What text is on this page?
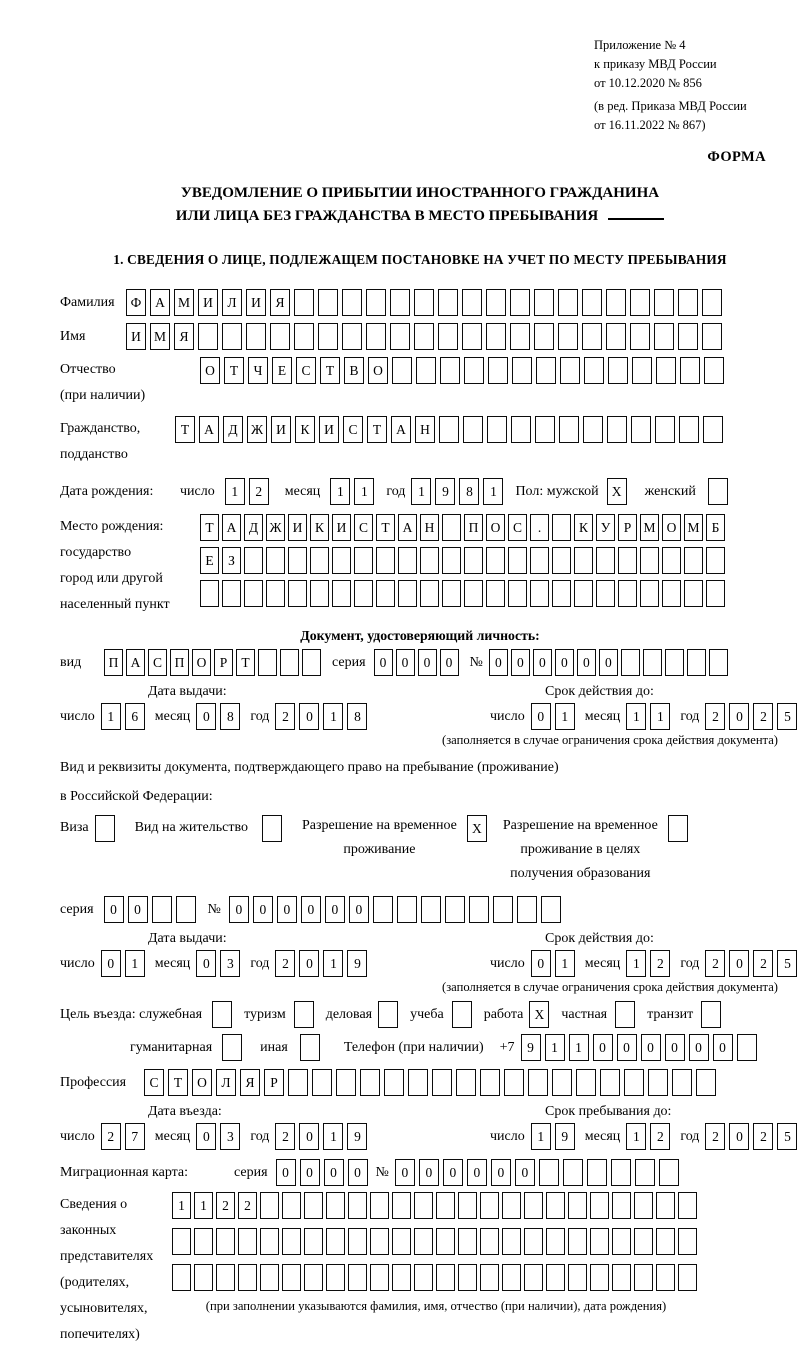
Приложение № 4
к приказу МВД России
от 10.12.2020 № 856
(в ред. Приказа МВД России
от 16.11.2022 № 867)
ФОРМА
УВЕДОМЛЕНИЕ О ПРИБЫТИИ ИНОСТРАННОГО ГРАЖДАНИНА
ИЛИ ЛИЦА БЕЗ ГРАЖДАНСТВА В МЕСТО ПРЕБЫВАНИЯ
1. СВЕДЕНИЯ О ЛИЦЕ, ПОДЛЕЖАЩЕМ ПОСТАНОВКЕ НА УЧЕТ ПО МЕСТУ ПРЕБЫВАНИЯ
Фамилия	Ф	А М И	Л	И	Я
Имя	И М Я
Отчество
(при наличии)
О	Т	Ч	Е	С	Т	В	О
Гражданство,
подданство
Т	А	Д Ж И	К	И	С	Т	А	Н
Дата рождения:	число	1	2	месяц	1	1	год 1	9	8	1	Пол: мужской X	женский
Место рождения:
государство
город или другой
населенный пункт
Т А Д Ж И К И С Т А Н	П О С	.	К У Р М О М Б
Е	З
Документ, удостоверяющий личность:
вид	П А С П О Р	Т	серия	0	0	0	0	№ 0	0	0	0	0	0
Дата выдачи:	Срок действия до:
число 1	6	месяц 0	8	год 2	0	1	8	число 0	1	месяц 1	1	год 2	0	2	5
(заполняется в случае ограничения срока действия документа)
Вид и реквизиты документа, подтверждающего право на пребывание (проживание)
в Российской Федерации:
Виза	Вид на жительство	Разрешение на временное
проживание
X	Разрешение на временное
проживание в целях
получения образования
серия	0	0	№	0	0	0	0	0	0
Дата выдачи:	Срок действия до:
число 0	1	месяц 0	3	год 2	0	1	9	число 0	1	месяц 1	2	год 2	0	2	5
(заполняется в случае ограничения срока действия документа)
Цель въезда: служебная	туризм	деловая	учеба	работа X	частная	транзит
гуманитарная	иная	Телефон (при наличии) +7 9	1	1	0	0	0	0	0	0
Профессия	С	Т	О	Л	Я	Р
Дата въезда:	Срок пребывания до:
число 2	7	месяц 0	3	год 2	0	1	9	число 1	9	месяц 1	2	год 2	0	2	5
Миграционная карта:	серия	0	0	0	0	№ 0	0	0	0	0	0
Сведения о
законных
представителях
(родителях,
усыновителях,
попечителях)
1	1	2	2
(при заполнении указываются фамилия, имя, отчество (при наличии), дата рождения)
